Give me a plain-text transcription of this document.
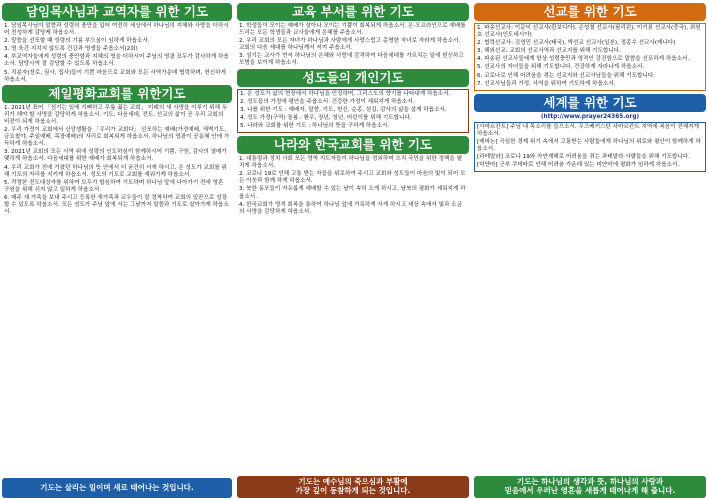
담임목사님과 교역자를 위한 기도

1. 담임목사님이 말씀과 성령의 충만을 입어 여전히 세상에서 하나님의 지혜와 사랑을 더하시어 전성하게 감당케 하옵소서.

2. 말씀을 선포할 때 성령의 기름 부으심이 임하게 하옵소서.

3. 영 육간 지치지 않도록 건강과 영생을 주옵소서(2회)

4. 부교역자들에게 성령의 충만함과 지혜의 영을 더하시어 주님의 영광 모두가 감사하게 하옵소서. 담당사역 잘 감당할 수 있도록 하옵소서.

5. 직분자(장로, 권사, 집사)들이 기쁜 마음으로 교회와 모든 사역가운데 협력하며, 헌신하게 하옵소서.

제일평화교회를 위한기도

1. 2021년 표어 「섬기는 일에 기뻐하고 무릎 꿇는 교회」 미래의 새 사명을 이루기 위해 우리가 해야 할 사명을 감당하게 하옵소서. 기도, 다음세대, 전도, 선교의 삶이 곧 우리 교회의 비전이 되게 하옵소서.

2. 우리 가정이 교회에서 신앙생활을 「우리가 교회다」 선포하는 예배(가정예배, 새벽기도, 금요철야, 주일예배, 목장예배)의 자리로 회복되게 하옵소서. 하나님의 영광이 공동체 안에 가득하게 하옵소서.

3. 2021년 교회의 모든 사역 위에 성령의 인도하심이 함께하시어 기쁨, 구원, 감사의 열매가 맺히게 하옵소서. 다음세대를 위한 예배가 회복되게 하옵소서.

4. 우리 교회가 전에 가졌던 하나님의 뜻 안에서 더 굳건히 서게 하시고, 온 성도가 교회를 위해 기도의 자리를 지키게 하옵소서. 성도의 기도로 교회를 세워가게 하옵소서.

5. 작정한 전도대상자를 위하여 모두가 합심하여 기도하며 하나님 앞에 나아가기 전에 영혼 구원을 위해 쉬지 않고 일하게 하옵소서.

6. 매주 새 가족을 보내 주시고 등록한 새가족과 교우들이 잘 정착하여 교회의 일꾼으로 성장할 수 있도록 하옵소서. 모든 성도가 주님 앞에 서는 그날까지 말씀과 기도로 살아가게 하옵소서.

기도는 살리는 일이며 새로 태어나는 것입니다.
교육 부서를 위한 기도

1. 학생들이 모이는 예배가 살아나 모이는 기쁨이 회복되게 하옵소서. 온·오프라인으로 예배를 드리는 모든 학생들과 교사들에게 은혜를 주옵소서.

2. 우리 교회의 모든 자녀가 하나님과 사람에게 사랑스럽고 총명한 자녀로 자라게 하옵소서. 교회의 다음 세대를 하나님께서 지켜 주옵소서.

3. 섬기는 교사가 먼저 하나님의 은혜와 사랑에 감격하여 다음세대를 가르치는 일에 헌신하고 모범을 보이게 하옵소서.

성도들의 개인기도

1. 온 성도가 삶의 현장에서 하나님을 인정하며, 그리스도의 향기를 나타내게 하옵소서.

2. 성도들의 가정에 평안을 주옵소서. 건강한 가정이 세워지게 하옵소서.

3. 나를 위한 기도 : 예배자, 말씀, 기도, 헌신, 순종, 섬김, 감사의 삶을 살게 하옵소서.

4. 성도 가정(구역) 돌봄 : 환우, 장년, 청년, 어린이를 위해 기도합니다.

5. 나라와 교회를 위한 기도 : 하나님의 뜻을 구하게 하옵소서.

나라와 한국교회를 위한 기도

1. 대통령과 정치 사회 모든 영역 지도자들이 하나님을 경외하며 오직 국민을 위한 정책을 펼치게 하옵소서.

2. 코로나 19로 인해 고통 받는 자들을 위로하여 주시고 교회와 성도들이 마음의 빛이 되어 모든 이웃과 함께 하게 하옵소서.

3. 북한 동포들이 자유롭게 예배할 수 있는 날이 속히 오게 하시고, 남북의 평화가 세워지게 하옵소서.

4. 한국교회가 영적 회복을 통하여 하나님 앞에 거룩하게 서게 하시고 세상 속에서 빛과 소금의 사명을 감당하게 하옵소서.

기도는 예수님의 죽으심과 부활에
가장 깊이 동참하게 되는 것입니다.
선교를 위한 기도

1. 파송선교사: 이문익 선교사(캄보디아), 손성철 선교사(필리핀), 이기봉 선교사(중국), 최원호 선교사(인도네시아)

2. 협력선교사: 김영민 선교사(태국), 박선교 선교사(일본), 정종수 선교사(캐나다)

3. 해외선교: 교회의 선교사역과 선교지를 위해 기도합니다.

4. 파송된 선교사들에게 항상 성령충만과 영적인 강건함으로 말씀을 선포하게 하옵소서.

5. 선교사의 자녀들을 위해 기도합니다. 건강하게 자라나게 하옵소서.

6. 코로나로 인해 어려움을 겪는 선교지와 선교사님들을 위해 기도합니다.

7. 선교사님들과 가정, 사역을 위하여 기도하게 하옵소서.

세계를 위한 기도
(http://www.prayer24365.org)

[사마르칸트] 주님 내 목소리를 들으소서. 우즈베키스탄 사마르칸트 지역에 복음이 전해지게 하옵소서.

[레바논] 극심한 경제 위기 속에서 고통받는 사람들에게 하나님의 위로와 평안이 함께하게 하옵소서.

[과테말라] 코로나 19와 자연재해로 어려움을 겪는 과테말라 사람들을 위해 기도합니다.

[미얀마] 군부 쿠데타로 인해 어려움 가운데 있는 미얀마에 평화가 임하게 하옵소서.

기도는 하나님의 생각과 뜻, 하나님의 사랑과
믿음에서 우러난 영혼을 새롭게 태어나게 해 줍니다.
